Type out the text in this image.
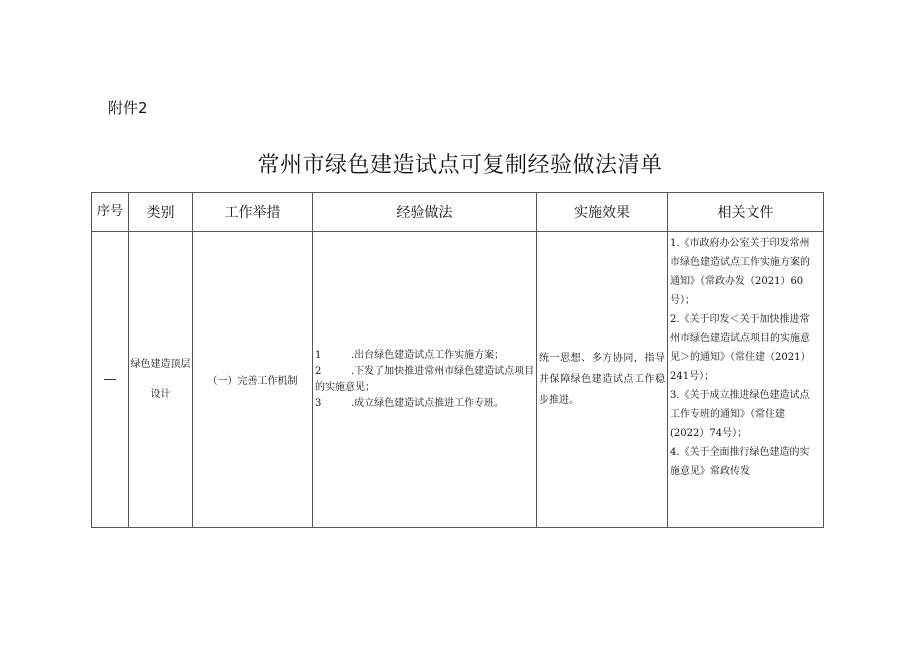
附件2
常州市绿色建造试点可复制经验做法清单
序号	类别	工作举措	经验做法	实施效果	相关文件
—	绿色建造顶层设计	（一）完善工作机制	1 .出台绿色建造试点工作实施方案；
2 .下发了加快推进常州市绿色建造试点项目的实施意见；
3 .成立绿色建造试点推进工作专班。	统一思想、多方协同，指导并保障绿色建造试点工作稳步推进。	1.《市政府办公室关于印发常州市绿色建造试点工作实施方案的通知》（常政办发（2021）60号）；
2.《关于印发＜关于加快推进常州市绿色建造试点项目的实施意见＞的通知》（常住建（2021）241号）；
3.《关于成立推进绿色建造试点工作专班的通知》（常住建(2022）74号）；
4.《关于全面推行绿色建造的实施意见》常政传发
